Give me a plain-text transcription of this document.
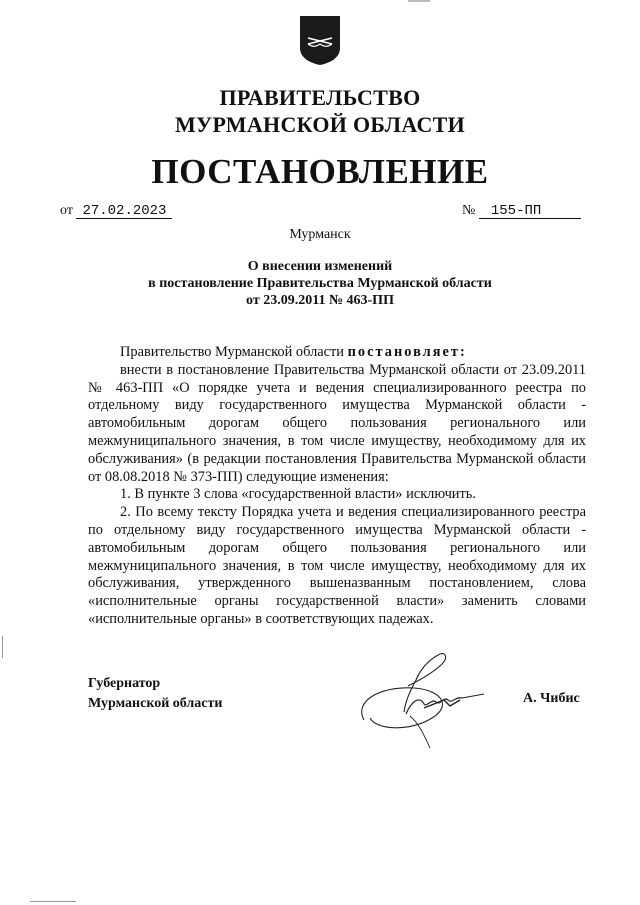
ПРАВИТЕЛЬСТВО
МУРМАНСКОЙ ОБЛАСТИ
ПОСТАНОВЛЕНИЕ
от 27.02.2023	№ 155-ПП
Мурманск
О внесении изменений
в постановление Правительства Мурманской области
от 23.09.2011 № 463-ПП

Правительство Мурманской области постановляет:

внести в постановление Правительства Мурманской области от 23.09.2011 № 463-ПП «О порядке учета и ведения специализированного реестра по отдельному виду государственного имущества Мурманской области - автомобильным дорогам общего пользования регионального или межмуниципального значения, в том числе имуществу, необходимому для их обслуживания» (в редакции постановления Правительства Мурманской области от 08.08.2018 № 373-ПП) следующие изменения:

1. В пункте 3 слова «государственной власти» исключить.

2. По всему тексту Порядка учета и ведения специализированного реестра по отдельному виду государственного имущества Мурманской области - автомобильным дорогам общего пользования регионального или межмуниципального значения, в том числе имуществу, необходимому для их обслуживания, утвержденного вышеназванным постановлением, слова «исполнительные органы государственной власти» заменить словами «исполнительные органы» в соответствующих падежах.

Губернатор
Мурманской области	А. Чибис
